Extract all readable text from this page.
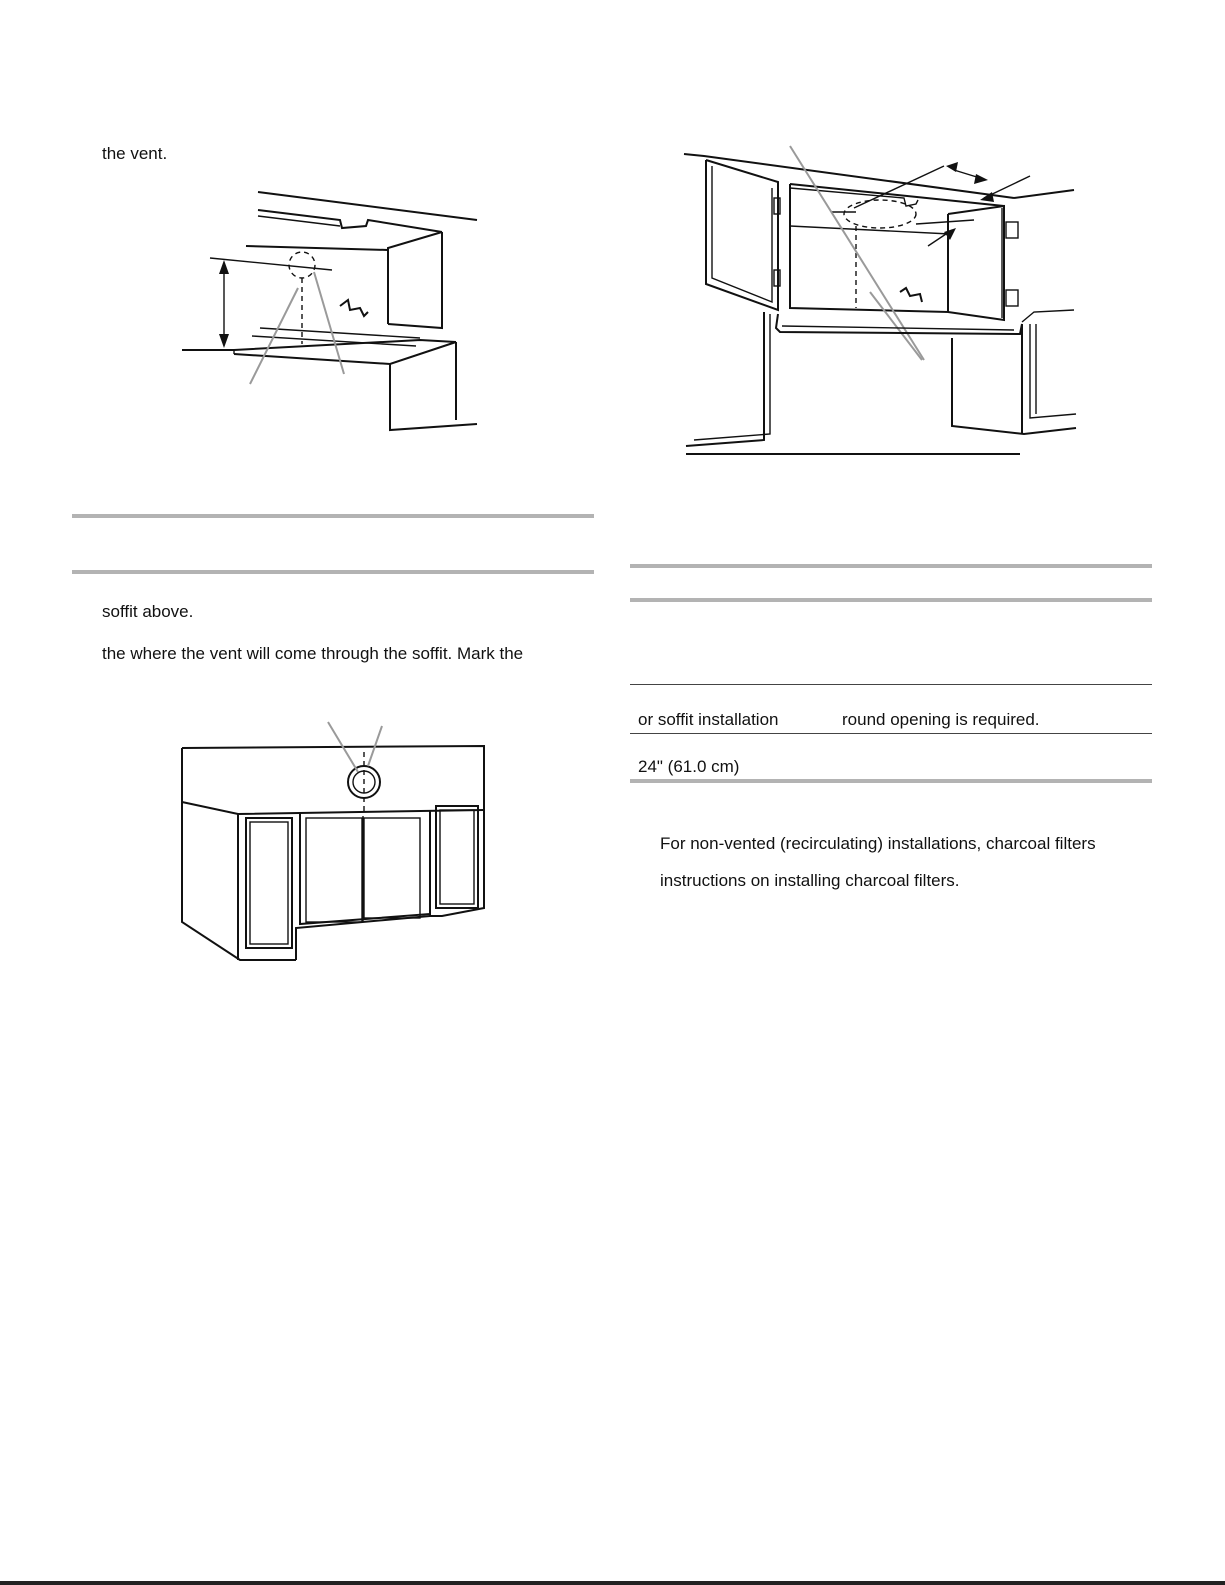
the vent.

soffit above.

the where the vent will come through the soffit. Mark the

or soffit installation	round opening is required.

24" (61.0 cm)

For non-vented (recirculating) installations, charcoal filters

instructions on installing charcoal filters.
